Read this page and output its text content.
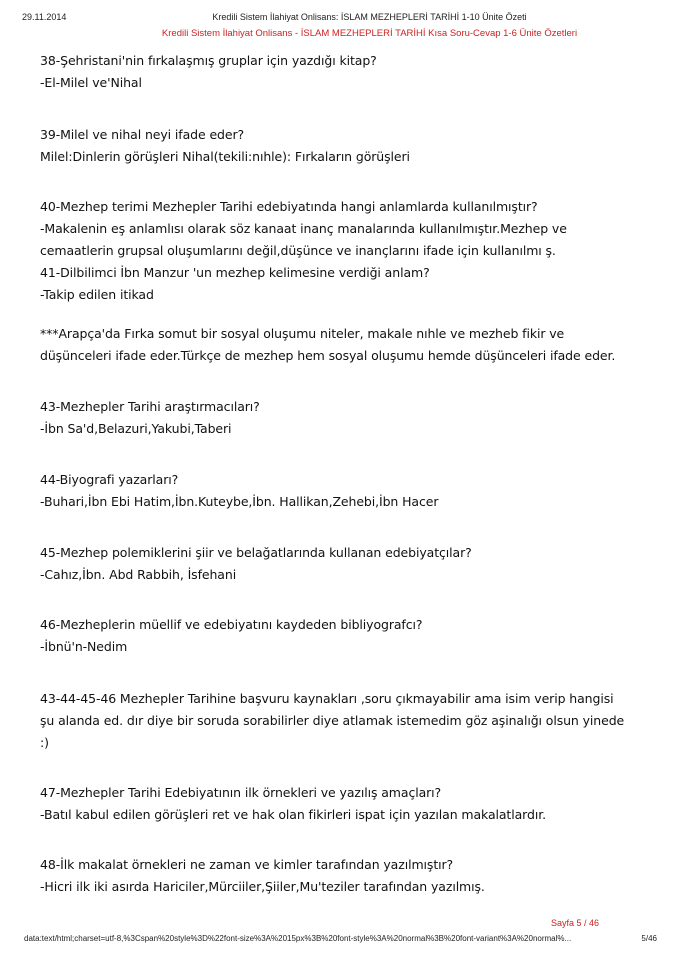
29.11.2014	Kredili Sistem İlahiyat Onlisans: İSLAM MEZHEPLERİ TARİHİ 1-10 Ünite Özeti
Kredili Sistem İlahiyat Onlisans - İSLAM MEZHEPLERİ TARİHİ Kısa Soru-Cevap 1-6 Ünite Özetleri
38-Şehristani'nin fırkalaşmış gruplar için yazdığı kitap?
-El-Milel ve'Nihal
39-Milel ve nihal neyi ifade eder?
Milel:Dinlerin görüşleri Nihal(tekili:nıhle): Fırkaların görüşleri
40-Mezhep terimi Mezhepler Tarihi edebiyatında hangi anlamlarda kullanılmıştır?
-Makalenin eş anlamlısı olarak söz kanaat inanç manalarında kullanılmıştır.Mezhep ve
cemaatlerin grupsal oluşumlarını değil,düşünce ve inançlarını ifade için kullanılmı ş.
41-Dilbilimci İbn Manzur 'un mezhep kelimesine verdiği anlam?
-Takip edilen itikad
***Arapça'da Fırka somut bir sosyal oluşumu niteler, makale nıhle ve mezheb fikir ve
düşünceleri ifade eder.Türkçe de mezhep hem sosyal oluşumu hemde düşünceleri ifade eder.
43-Mezhepler Tarihi araştırmacıları?
-İbn Sa'd,Belazuri,Yakubi,Taberi
44-Biyografi yazarları?
-Buhari,İbn Ebi Hatim,İbn.Kuteybe,İbn. Hallikan,Zehebi,İbn Hacer
45-Mezhep polemiklerini şiir ve belağatlarında kullanan edebiyatçılar?
-Cahız,İbn. Abd Rabbih, İsfehani
46-Mezheplerin müellif ve edebiyatını kaydeden bibliyografcı?
-İbnü'n-Nedim
43-44-45-46 Mezhepler Tarihine başvuru kaynakları ,soru çıkmayabilir ama isim verip hangisi
şu alanda ed. dır diye bir soruda sorabilirler diye atlamak istemedim göz aşinalığı olsun yinede
:)
47-Mezhepler Tarihi Edebiyatının ilk örnekleri ve yazılış amaçları?
-Batıl kabul edilen görüşleri ret ve hak olan fikirleri ispat için yazılan makalatlardır.
48-İlk makalat örnekleri ne zaman ve kimler tarafından yazılmıştır?
-Hicri ilk iki asırda Hariciler,Mürciiler,Şiiler,Mu'teziler tarafından yazılmış.
Sayfa 5 / 46
data:text/html;charset=utf-8,%3Cspan%20style%3D%22font-size%3A%2015px%3B%20font-style%3A%20normal%3B%20font-variant%3A%20normal%...	5/46
